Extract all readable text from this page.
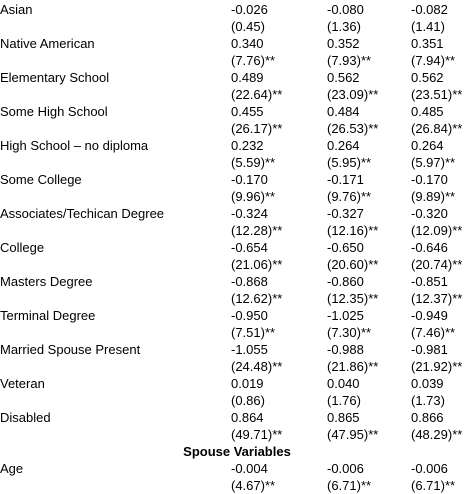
Asian	-0.026	-0.080	-0.082
	(0.45)	(1.36)	(1.41)
Native American	0.340	0.352	0.351
	(7.76)**	(7.93)**	(7.94)**
Elementary School	0.489	0.562	0.562
	(22.64)**	(23.09)**	(23.51)**
Some High School	0.455	0.484	0.485
	(26.17)**	(26.53)**	(26.84)**
High School – no diploma	0.232	0.264	0.264
	(5.59)**	(5.95)**	(5.97)**
Some College	-0.170	-0.171	-0.170
	(9.96)**	(9.76)**	(9.89)**
Associates/Techican Degree	-0.324	-0.327	-0.320
	(12.28)**	(12.16)**	(12.09)**
College	-0.654	-0.650	-0.646
	(21.06)**	(20.60)**	(20.74)**
Masters Degree	-0.868	-0.860	-0.851
	(12.62)**	(12.35)**	(12.37)**
Terminal Degree	-0.950	-1.025	-0.949
	(7.51)**	(7.30)**	(7.46)**
Married Spouse Present	-1.055	-0.988	-0.981
	(24.48)**	(21.86)**	(21.92)**
Veteran	0.019	0.040	0.039
	(0.86)	(1.76)	(1.73)
Disabled	0.864	0.865	0.866
	(49.71)**	(47.95)**	(48.29)**
Spouse Variables			
Age	-0.004	-0.006	-0.006
	(4.67)**	(6.71)**	(6.71)**
